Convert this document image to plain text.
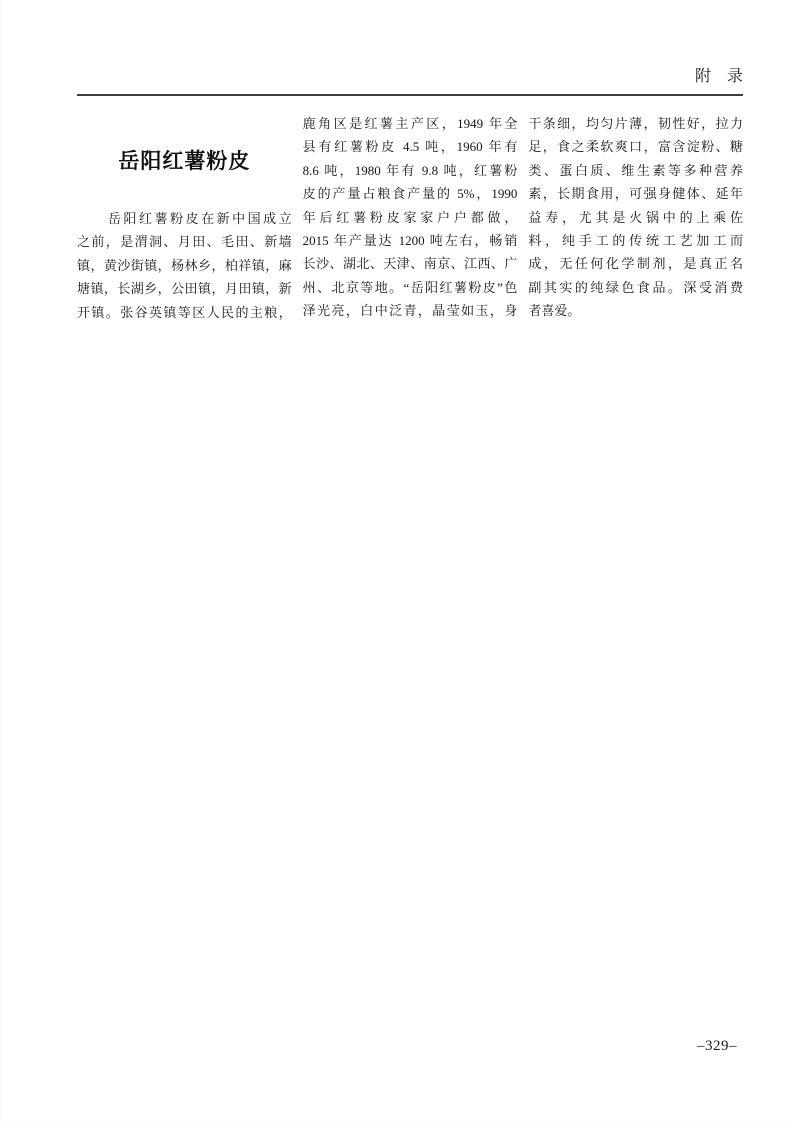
附　录
岳阳红薯粉皮
　　岳阳红薯粉皮在新中国成立
之前，是渭洞、月田、毛田、新墙
镇，黄沙街镇，杨林乡，柏祥镇，麻
塘镇，长湖乡，公田镇，月田镇，新
开镇。张谷英镇等区人民的主粮，
鹿角区是红薯主产区，1949 年全
县有红薯粉皮 4.5 吨，1960 年有
8.6 吨，1980 年有 9.8 吨，红薯粉
皮的产量占粮食产量的 5%，1990
年后红薯粉皮家家户户都做，
2015 年产量达 1200 吨左右，畅销
长沙、湖北、天津、南京、江西、广
州、北京等地。“岳阳红薯粉皮”色
泽光亮，白中泛青，晶莹如玉，身
干条细，均匀片薄，韧性好，拉力
足，食之柔软爽口，富含淀粉、糖
类、蛋白质、维生素等多种营养
素，长期食用，可强身健体、延年
益寿，尤其是火锅中的上乘佐
料，纯手工的传统工艺加工而
成，无任何化学制剂，是真正名
副其实的纯绿色食品。深受消费
者喜爱。
–329–
